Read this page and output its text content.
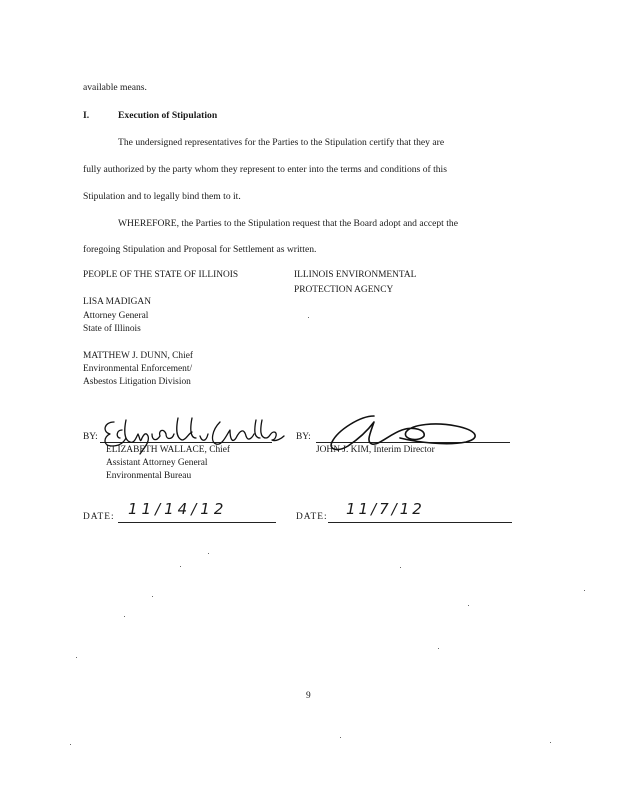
available means.
I.	Execution of Stipulation
The undersigned representatives for the Parties to the Stipulation certify that they are
fully authorized by the party whom they represent to enter into the terms and conditions of this
Stipulation and to legally bind them to it.
WHEREFORE, the Parties to the Stipulation request that the Board adopt and accept the
foregoing Stipulation and Proposal for Settlement as written.
PEOPLE OF THE STATE OF ILLINOIS	ILLINOIS ENVIRONMENTAL
PROTECTION AGENCY
LISA MADIGAN
Attorney General
State of Illinois
MATTHEW J. DUNN, Chief
Environmental Enforcement/
Asbestos Litigation Division
BY:
ELIZABETH WALLACE, Chief
Assistant Attorney General
Environmental Bureau
DATE: 11/14/12
BY:
JOHN J. KIM, Interim Director
DATE: 11/7/12
9
